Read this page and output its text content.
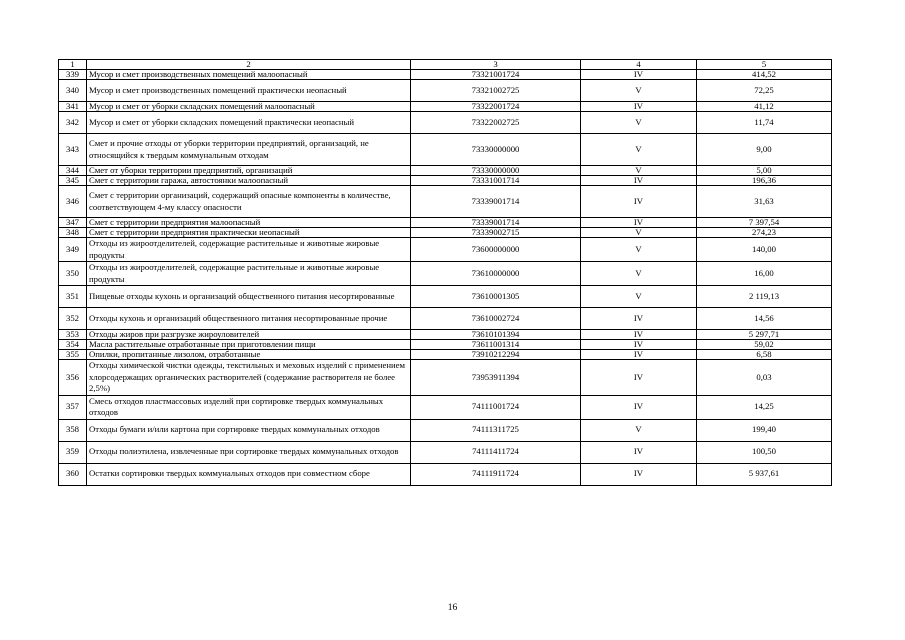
1	2	3	4	5
339	Мусор и смет производственных помещений малоопасный	73321001724	IV	414,52
340	Мусор и смет производственных помещений практически неопасный	73321002725	V	72,25
341	Мусор и смет от уборки складских помещений малоопасный	73322001724	IV	41,12
342	Мусор и смет от уборки складских помещений практически неопасный	73322002725	V	11,74
343	Смет и прочие отходы от уборки территории предприятий, организаций, не относящийся к твердым коммунальным отходам	73330000000	V	9,00
344	Смет от уборки территории предприятий, организаций	73330000000	V	5,00
345	Смет с территории гаража, автостоянки малоопасный	73331001714	IV	196,36
346	Смет с территории организаций, содержащий опасные компоненты в количестве, соответствующем 4-му классу опасности	73339001714	IV	31,63
347	Смет с территории предприятия малоопасный	73339001714	IV	7 397,54
348	Смет с территории предприятия практически неопасный	73339002715	V	274,23
349	Отходы из жироотделителей, содержащие растительные и животные жировые продукты	73600000000	V	140,00
350	Отходы из жироотделителей, содержащие растительные и животные жировые продукты	73610000000	V	16,00
351	Пищевые отходы кухонь и организаций общественного питания несортированные	73610001305	V	2 119,13
352	Отходы кухонь и организаций общественного питания несортированные прочие	73610002724	IV	14,56
353	Отходы жиров при разгрузке жироуловителей	73610101394	IV	5 297,71
354	Масла растительные отработанные при приготовлении пищи	73611001314	IV	59,02
355	Опилки, пропитанные лизолом, отработанные	73910212294	IV	6,58
356	Отходы химической чистки одежды, текстильных и меховых изделий с применением хлорсодержащих органических растворителей (содержание растворителя не более 2,5%)	73953911394	IV	0,03
357	Смесь отходов пластмассовых изделий при сортировке твердых коммунальных отходов	74111001724	IV	14,25
358	Отходы бумаги и/или картона при сортировке твердых коммунальных отходов	74111311725	V	199,40
359	Отходы полиэтилена, извлеченные при сортировке твердых коммунальных отходов	74111411724	IV	100,50
360	Остатки сортировки твердых коммунальных отходов при совместном сборе	74111911724	IV	5 937,61
16
